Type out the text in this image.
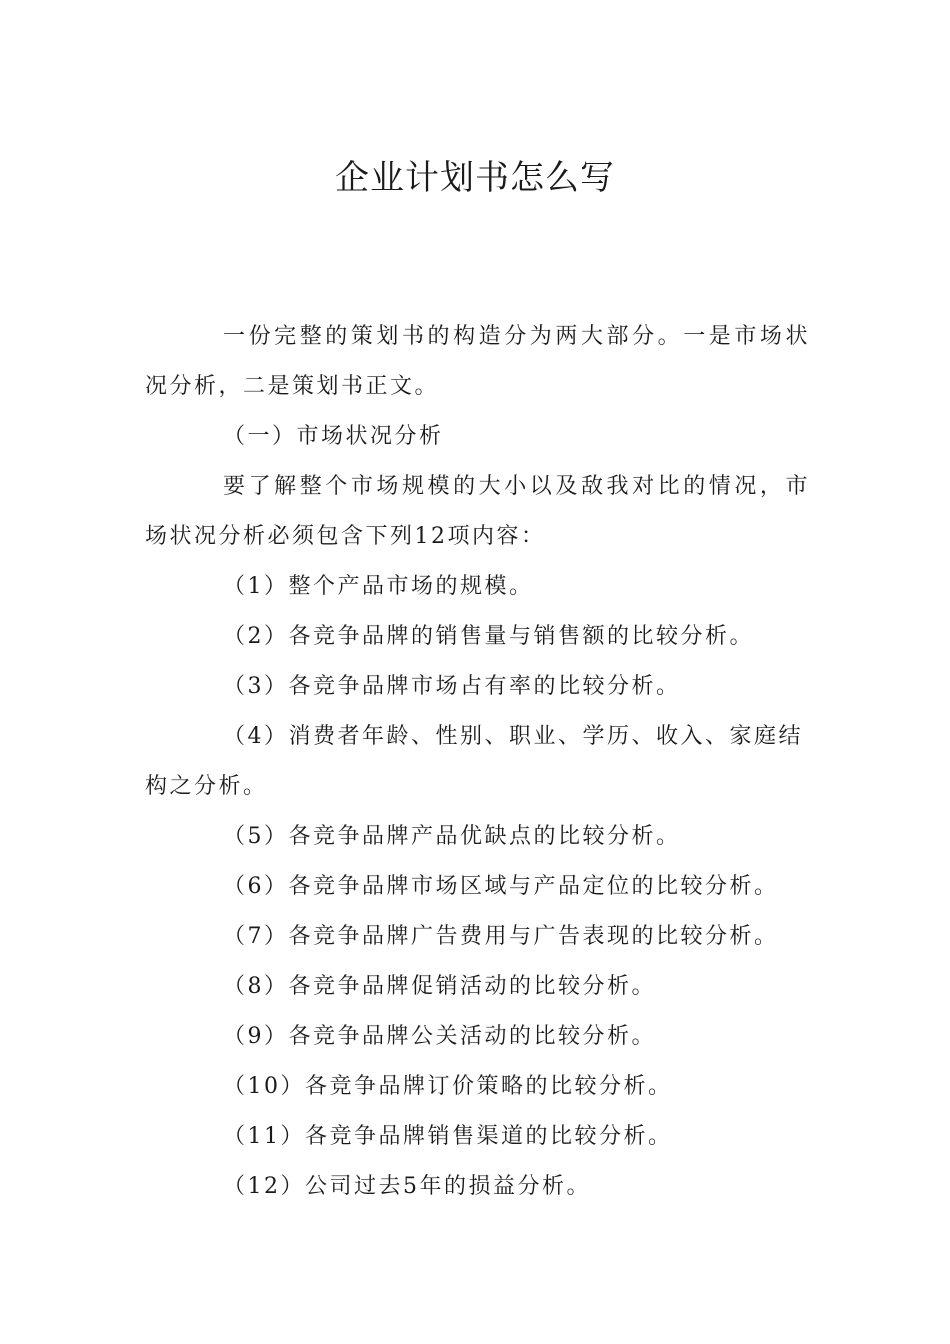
企业计划书怎么写

一份完整的策划书的构造分为两大部分。一是市场状况分析，二是策划书正文。

（一）市场状况分析

要了解整个市场规模的大小以及敌我对比的情况，市场状况分析必须包含下列12项内容：

（1）整个产品市场的规模。

（2）各竞争品牌的销售量与销售额的比较分析。

（3）各竞争品牌市场占有率的比较分析。

（4）消费者年龄、性别、职业、学历、收入、家庭结构之分析。

（5）各竞争品牌产品优缺点的比较分析。

（6）各竞争品牌市场区域与产品定位的比较分析。

（7）各竞争品牌广告费用与广告表现的比较分析。

（8）各竞争品牌促销活动的比较分析。

（9）各竞争品牌公关活动的比较分析。

（10）各竞争品牌订价策略的比较分析。

（11）各竞争品牌销售渠道的比较分析。

（12）公司过去5年的损益分析。
